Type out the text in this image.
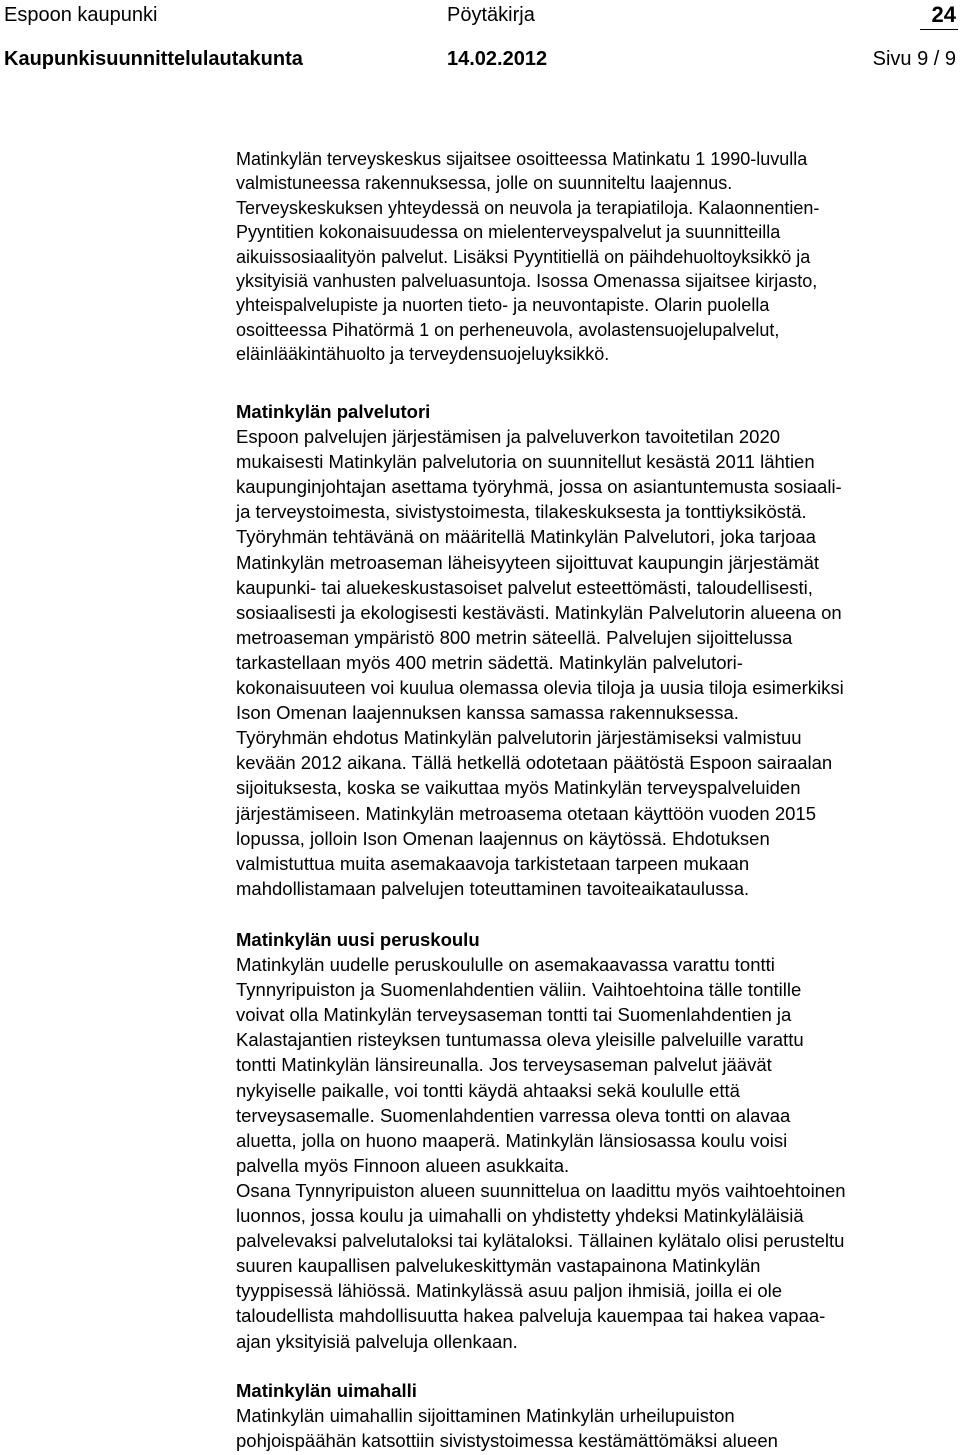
Espoon kaupunki	Pöytäkirja	24
Kaupunkisuunnittelulautakunta	14.02.2012	Sivu 9 / 9

Matinkylän terveyskeskus sijaitsee osoitteessa Matinkatu 1 1990-luvulla
valmistuneessa rakennuksessa, jolle on suunniteltu laajennus.
Terveyskeskuksen yhteydessä on neuvola ja terapiatiloja. Kalaonnentien-
Pyyntitien kokonaisuudessa on mielenterveyspalvelut ja suunnitteilla
aikuissosiaalityön palvelut. Lisäksi Pyyntitiellä on päihdehuoltoyksikkö ja
yksityisiä vanhusten palveluasuntoja. Isossa Omenassa sijaitsee kirjasto,
yhteispalvelupiste ja nuorten tieto- ja neuvontapiste. Olarin puolella
osoitteessa Pihatörmä 1 on perheneuvola, avolastensuojelupalvelut,
eläinlääkintähuolto ja terveydensuojeluyksikkö.

Matinkylän palvelutori

Espoon palvelujen järjestämisen ja palveluverkon tavoitetilan 2020
mukaisesti Matinkylän palvelutoria on suunnitellut kesästä 2011 lähtien
kaupunginjohtajan asettama työryhmä, jossa on asiantuntemusta sosiaali-
ja terveystoimesta, sivistystoimesta, tilakeskuksesta ja tonttiyksiköstä.
Työryhmän tehtävänä on määritellä Matinkylän Palvelutori, joka tarjoaa
Matinkylän metroaseman läheisyyteen sijoittuvat kaupungin järjestämät
kaupunki- tai aluekeskustasoiset palvelut esteettömästi, taloudellisesti,
sosiaalisesti ja ekologisesti kestävästi. Matinkylän Palvelutorin alueena on
metroaseman ympäristö 800 metrin säteellä. Palvelujen sijoittelussa
tarkastellaan myös 400 metrin sädettä. Matinkylän palvelutori-
kokonaisuuteen voi kuulua olemassa olevia tiloja ja uusia tiloja esimerkiksi
Ison Omenan laajennuksen kanssa samassa rakennuksessa.
Työryhmän ehdotus Matinkylän palvelutorin järjestämiseksi valmistuu
kevään 2012 aikana. Tällä hetkellä odotetaan päätöstä Espoon sairaalan
sijoituksesta, koska se vaikuttaa myös Matinkylän terveyspalveluiden
järjestämiseen. Matinkylän metroasema otetaan käyttöön vuoden 2015
lopussa, jolloin Ison Omenan laajennus on käytössä. Ehdotuksen
valmistuttua muita asemakaavoja tarkistetaan tarpeen mukaan
mahdollistamaan palvelujen toteuttaminen tavoiteaikataulussa.

Matinkylän uusi peruskoulu

Matinkylän uudelle peruskoululle on asemakaavassa varattu tontti
Tynnyripuiston ja Suomenlahdentien väliin. Vaihtoehtoina tälle tontille
voivat olla Matinkylän terveysaseman tontti tai Suomenlahdentien ja
Kalastajantien risteyksen tuntumassa oleva yleisille palveluille varattu
tontti Matinkylän länsireunalla. Jos terveysaseman palvelut jäävät
nykyiselle paikalle, voi tontti käydä ahtaaksi sekä koululle että
terveysasemalle. Suomenlahdentien varressa oleva tontti on alavaa
aluetta, jolla on huono maaperä. Matinkylän länsiosassa koulu voisi
palvella myös Finnoon alueen asukkaita.
Osana Tynnyripuiston alueen suunnittelua on laadittu myös vaihtoehtoinen
luonnos, jossa koulu ja uimahalli on yhdistetty yhdeksi Matinkyläläisiä
palvelevaksi palvelutaloksi tai kylätaloksi. Tällainen kylätalo olisi perusteltu
suuren kaupallisen palvelukeskittymän vastapainona Matinkylän
tyyppisessä lähiössä. Matinkylässä asuu paljon ihmisiä, joilla ei ole
taloudellista mahdollisuutta hakea palveluja kauempaa tai hakea vapaa-
ajan yksityisiä palveluja ollenkaan.

Matinkylän uimahalli

Matinkylän uimahallin sijoittaminen Matinkylän urheilupuiston
pohjoispäähän katsottiin sivistystoimessa kestämättömäksi alueen
